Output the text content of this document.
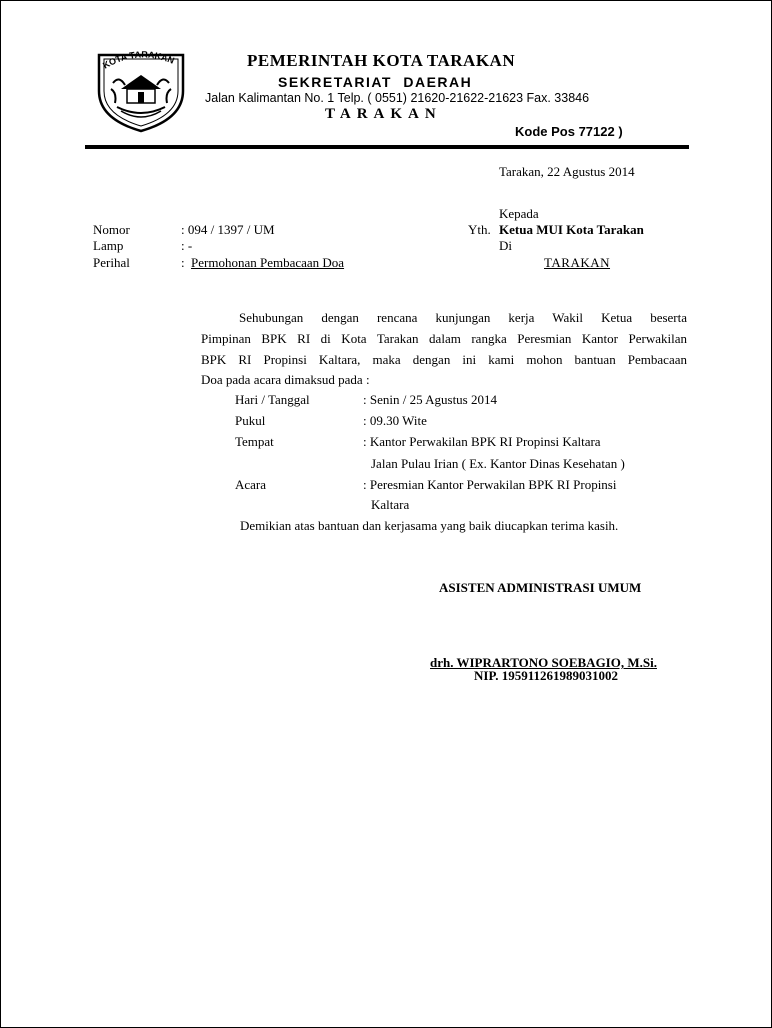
KOTA TARAKAN	PEMERINTAH KOTA TARAKAN
SEKRETARIAT DAERAH
Jalan Kalimantan No. 1 Telp. ( 0551) 21620-21622-21623 Fax. 33846
TARAKAN
Kode Pos 77122 )
Tarakan, 22 Agustus 2014
Nomor	: 094 / 1397 / UM
Lamp	: -
Perihal	: Permohonan Pembacaan Doa
Kepada
Yth. Ketua MUI Kota Tarakan
Di
TARAKAN
Sehubungan dengan rencana kunjungan kerja Wakil Ketua beserta
Pimpinan BPK RI di Kota Tarakan dalam rangka Peresmian Kantor Perwakilan
BPK RI Propinsi Kaltara, maka dengan ini kami mohon bantuan Pembacaan
Doa pada acara dimaksud pada :
Hari / Tanggal	: Senin / 25 Agustus 2014
Pukul	: 09.30 Wite
Tempat	: Kantor Perwakilan BPK RI Propinsi Kaltara
Jalan Pulau Irian ( Ex. Kantor Dinas Kesehatan )
Acara	: Peresmian Kantor Perwakilan BPK RI Propinsi
Kaltara
Demikian atas bantuan dan kerjasama yang baik diucapkan terima kasih.
ASISTEN ADMINISTRASI UMUM
drh. WIPRARTONO SOEBAGIO, M.Si.
NIP. 195911261989031002
